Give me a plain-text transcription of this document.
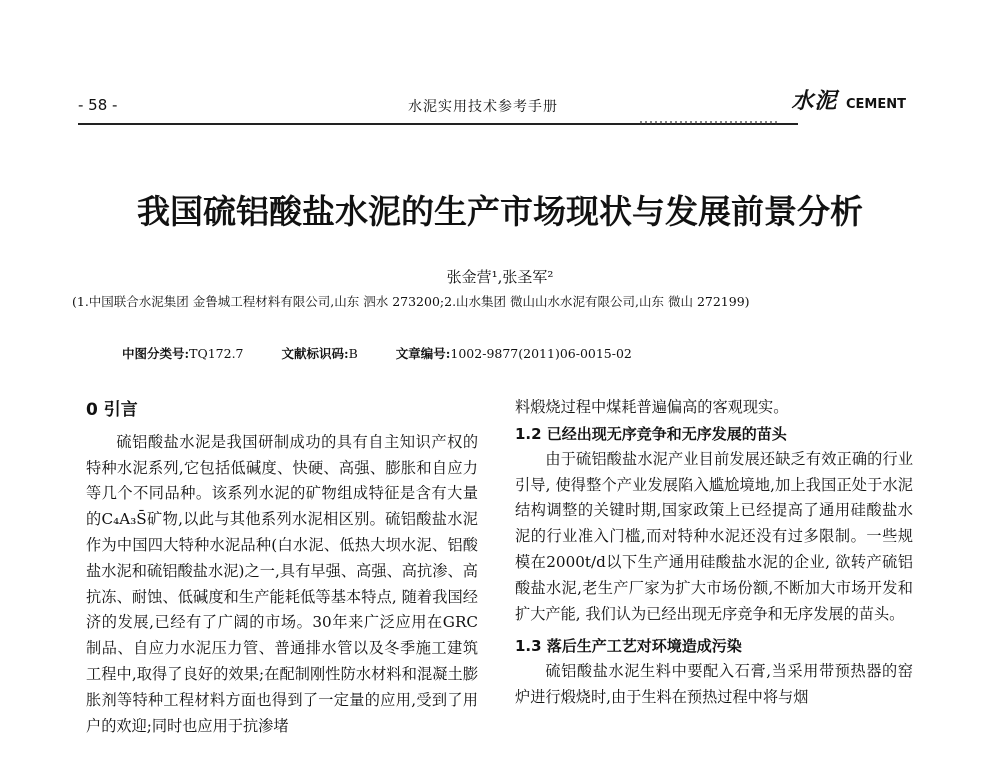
- 58 -	水泥实用技术参考手册	水泥 CEMENT
我国硫铝酸盐水泥的生产市场现状与发展前景分析
张金营¹,张圣军²
(1.中国联合水泥集团 金鲁城工程材料有限公司,山东 泗水 273200;2.山水集团 微山山水水泥有限公司,山东 微山 272199)
中图分类号:TQ172.7	文献标识码:B	文章编号:1002-9877(2011)06-0015-02
0 引言

硫铝酸盐水泥是我国研制成功的具有自主知识产权的特种水泥系列,它包括低碱度、快硬、高强、膨胀和自应力等几个不同品种。该系列水泥的矿物组成特征是含有大量的C₄A₃S̄矿物,以此与其他系列水泥相区别。硫铝酸盐水泥作为中国四大特种水泥品种(白水泥、低热大坝水泥、铝酸盐水泥和硫铝酸盐水泥)之一,具有早强、高强、高抗渗、高抗冻、耐蚀、低碱度和生产能耗低等基本特点, 随着我国经济的发展,已经有了广阔的市场。30年来广泛应用在GRC制品、自应力水泥压力管、普通排水管以及冬季施工建筑工程中,取得了良好的效果;在配制刚性防水材料和混凝土膨胀剂等特种工程材料方面也得到了一定量的应用,受到了用户的欢迎;同时也应用于抗渗堵

料煅烧过程中煤耗普遍偏高的客观现实。

1.2 已经出现无序竞争和无序发展的苗头

由于硫铝酸盐水泥产业目前发展还缺乏有效正确的行业引导, 使得整个产业发展陷入尴尬境地,加上我国正处于水泥结构调整的关键时期,国家政策上已经提高了通用硅酸盐水泥的行业准入门槛,而对特种水泥还没有过多限制。一些规模在2000t/d以下生产通用硅酸盐水泥的企业, 欲转产硫铝酸盐水泥,老生产厂家为扩大市场份额,不断加大市场开发和扩大产能, 我们认为已经出现无序竞争和无序发展的苗头。

1.3 落后生产工艺对环境造成污染

硫铝酸盐水泥生料中要配入石膏,当采用带预热器的窑炉进行煅烧时,由于生料在预热过程中将与烟
